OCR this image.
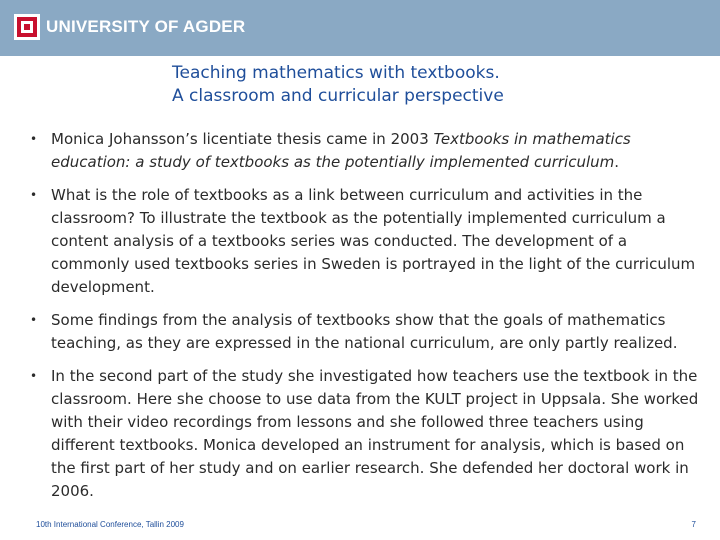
UNIVERSITY OF AGDER
Teaching mathematics with textbooks.
A classroom and curricular perspective
• Monica Johansson’s licentiate thesis came in 2003 Textbooks in mathematics education: a study of textbooks as the potentially implemented curriculum.
• What is the role of textbooks as a link between curriculum and activities in the classroom? To illustrate the textbook as the potentially implemented curriculum a content analysis of a textbooks series was conducted. The development of a commonly used textbooks series in Sweden is portrayed in the light of the curriculum development.
• Some findings from the analysis of textbooks show that the goals of mathematics teaching, as they are expressed in the national curriculum, are only partly realized.
• In the second part of the study she investigated how teachers use the textbook in the classroom. Here she choose to use data from the KULT project in Uppsala. She worked with their video recordings from lessons and she followed three teachers using different textbooks. Monica developed an instrument for analysis, which is based on the first part of her study and on earlier research. She defended her doctoral work in 2006.
10th International Conference, Tallin 2009	7
